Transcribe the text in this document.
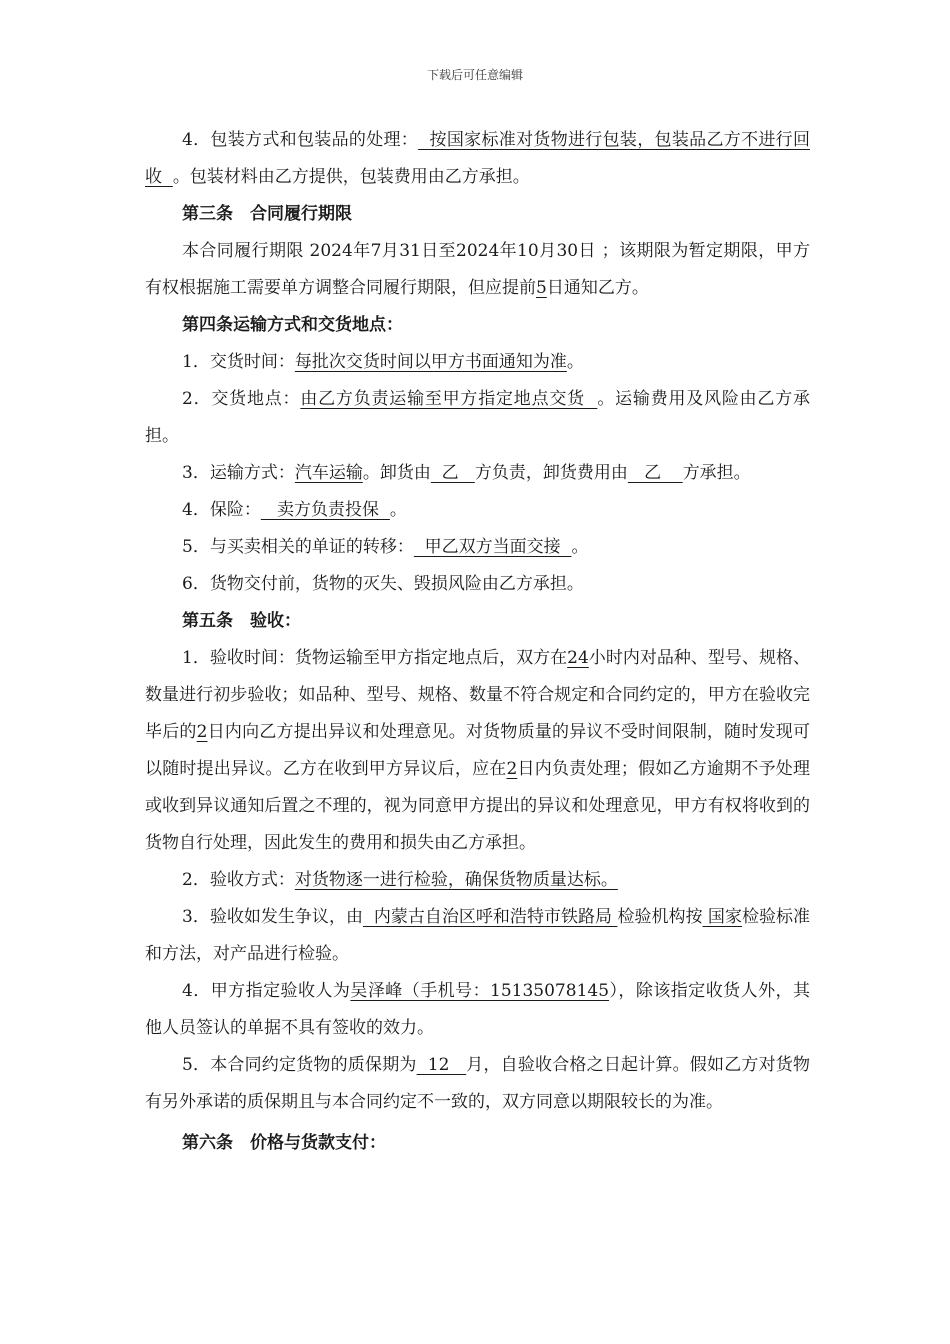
下载后可任意编辑

4．包装方式和包装品的处理：  按国家标准对货物进行包装，包装品乙方不进行回收  。包装材料由乙方提供，包装费用由乙方承担。

第三条　合同履行期限

本合同履行期限 2024年7月31日至2024年10月30日 ；该期限为暂定期限，甲方有权根据施工需要单方调整合同履行期限，但应提前5日通知乙方。

第四条运输方式和交货地点：

1．交货时间：每批次交货时间以甲方书面通知为准。

2．交货地点：由乙方负责运输至甲方指定地点交货  。运输费用及风险由乙方承担。

3．运输方式：汽车运输。卸货由  乙   方负责，卸货费用由   乙    方承担。

4．保险：   卖方负责投保  。

5．与买卖相关的单证的转移：  甲乙双方当面交接  。

6．货物交付前，货物的灭失、毁损风险由乙方承担。

第五条　验收：

1．验收时间：货物运输至甲方指定地点后，双方在24小时内对品种、型号、规格、数量进行初步验收；如品种、型号、规格、数量不符合规定和合同约定的，甲方在验收完毕后的2日内向乙方提出异议和处理意见。对货物质量的异议不受时间限制，随时发现可以随时提出异议。乙方在收到甲方异议后，应在2日内负责处理；假如乙方逾期不予处理或收到异议通知后置之不理的，视为同意甲方提出的异议和处理意见，甲方有权将收到的货物自行处理，因此发生的费用和损失由乙方承担。

2．验收方式：对货物逐一进行检验，确保货物质量达标。

3．验收如发生争议，由  内蒙古自治区呼和浩特市铁路局 检验机构按 国家检验标准和方法，对产品进行检验。

4．甲方指定验收人为吴泽峰（手机号：15135078145），除该指定收货人外，其他人员签认的单据不具有签收的效力。

5．本合同约定货物的质保期为  12   月，自验收合格之日起计算。假如乙方对货物有另外承诺的质保期且与本合同约定不一致的，双方同意以期限较长的为准。

第六条　价格与货款支付：
